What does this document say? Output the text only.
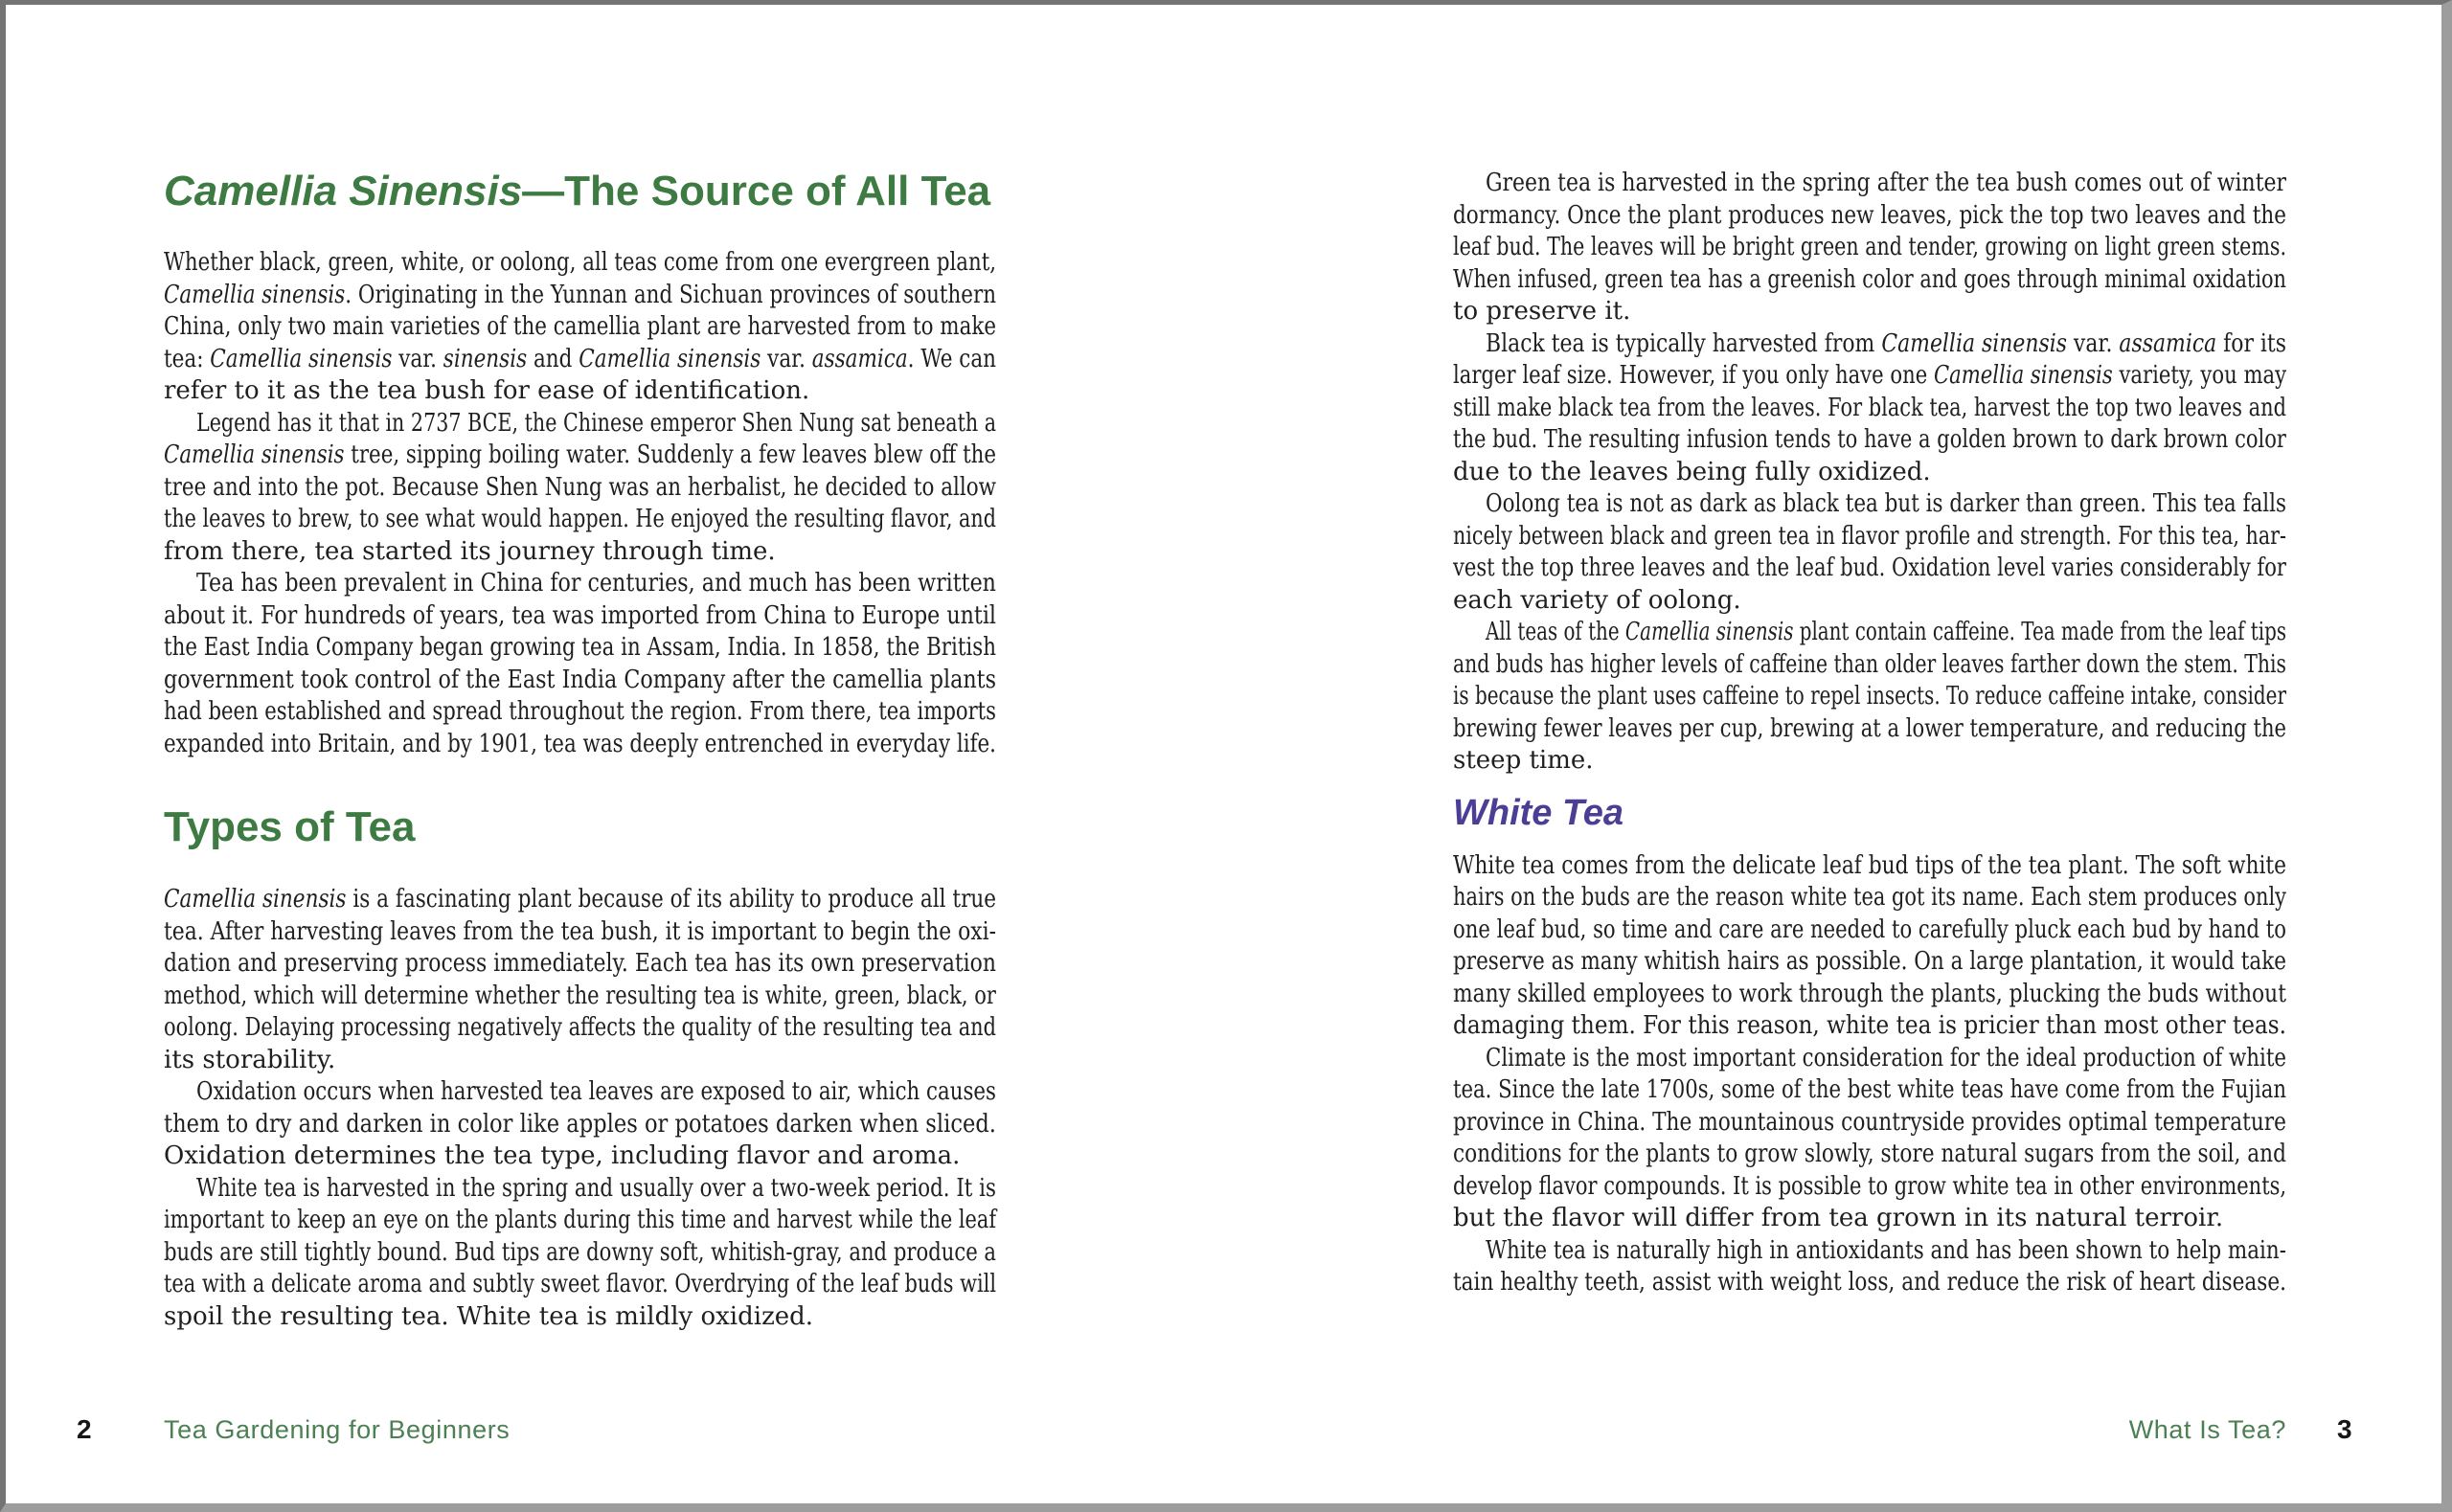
Camellia Sinensis—The Source of All Tea
Whether black, green, white, or oolong, all teas come from one evergreen plant,
Camellia sinensis. Originating in the Yunnan and Sichuan provinces of southern
China, only two main varieties of the camellia plant are harvested from to make
tea: Camellia sinensis var. sinensis and Camellia sinensis var. assamica. We can
refer to it as the tea bush for ease of identification.
Legend has it that in 2737 BCE, the Chinese emperor Shen Nung sat beneath a
Camellia sinensis tree, sipping boiling water. Suddenly a few leaves blew off the
tree and into the pot. Because Shen Nung was an herbalist, he decided to allow
the leaves to brew, to see what would happen. He enjoyed the resulting flavor, and
from there, tea started its journey through time.
Tea has been prevalent in China for centuries, and much has been written
about it. For hundreds of years, tea was imported from China to Europe until
the East India Company began growing tea in Assam, India. In 1858, the British
government took control of the East India Company after the camellia plants
had been established and spread throughout the region. From there, tea imports
expanded into Britain, and by 1901, tea was deeply entrenched in everyday life.
Types of Tea
Camellia sinensis is a fascinating plant because of its ability to produce all true
tea. After harvesting leaves from the tea bush, it is important to begin the oxi-
dation and preserving process immediately. Each tea has its own preservation
method, which will determine whether the resulting tea is white, green, black, or
oolong. Delaying processing negatively affects the quality of the resulting tea and
its storability.
Oxidation occurs when harvested tea leaves are exposed to air, which causes
them to dry and darken in color like apples or potatoes darken when sliced.
Oxidation determines the tea type, including flavor and aroma.
White tea is harvested in the spring and usually over a two-week period. It is
important to keep an eye on the plants during this time and harvest while the leaf
buds are still tightly bound. Bud tips are downy soft, whitish-gray, and produce a
tea with a delicate aroma and subtly sweet flavor. Overdrying of the leaf buds will
spoil the resulting tea. White tea is mildly oxidized.
Green tea is harvested in the spring after the tea bush comes out of winter
dormancy. Once the plant produces new leaves, pick the top two leaves and the
leaf bud. The leaves will be bright green and tender, growing on light green stems.
When infused, green tea has a greenish color and goes through minimal oxidation
to preserve it.
Black tea is typically harvested from Camellia sinensis var. assamica for its
larger leaf size. However, if you only have one Camellia sinensis variety, you may
still make black tea from the leaves. For black tea, harvest the top two leaves and
the bud. The resulting infusion tends to have a golden brown to dark brown color
due to the leaves being fully oxidized.
Oolong tea is not as dark as black tea but is darker than green. This tea falls
nicely between black and green tea in flavor profile and strength. For this tea, har-
vest the top three leaves and the leaf bud. Oxidation level varies considerably for
each variety of oolong.
All teas of the Camellia sinensis plant contain caffeine. Tea made from the leaf tips
and buds has higher levels of caffeine than older leaves farther down the stem. This
is because the plant uses caffeine to repel insects. To reduce caffeine intake, consider
brewing fewer leaves per cup, brewing at a lower temperature, and reducing the
steep time.
White Tea
White tea comes from the delicate leaf bud tips of the tea plant. The soft white
hairs on the buds are the reason white tea got its name. Each stem produces only
one leaf bud, so time and care are needed to carefully pluck each bud by hand to
preserve as many whitish hairs as possible. On a large plantation, it would take
many skilled employees to work through the plants, plucking the buds without
damaging them. For this reason, white tea is pricier than most other teas.
Climate is the most important consideration for the ideal production of white
tea. Since the late 1700s, some of the best white teas have come from the Fujian
province in China. The mountainous countryside provides optimal temperature
conditions for the plants to grow slowly, store natural sugars from the soil, and
develop flavor compounds. It is possible to grow white tea in other environments,
but the flavor will differ from tea grown in its natural terroir.
White tea is naturally high in antioxidants and has been shown to help main-
tain healthy teeth, assist with weight loss, and reduce the risk of heart disease.
2	Tea Gardening for Beginners	What Is Tea? 3
